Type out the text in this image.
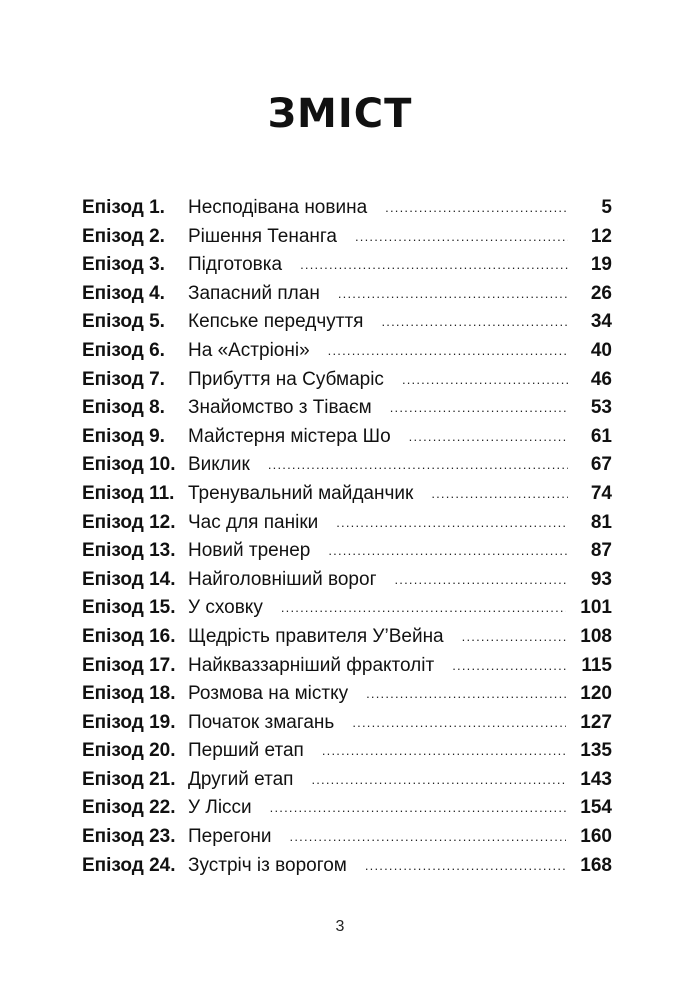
ЗМІСТ
Епізод 1.	Несподівана новина .....	5
Епізод 2.	Рішення Тенанга .....	12
Епізод 3.	Підготовка .....	19
Епізод 4.	Запасний план .....	26
Епізод 5.	Кепське передчуття .....	34
Епізод 6.	На «Астріоні» .....	40
Епізод 7.	Прибуття на Субмаріс .....	46
Епізод 8.	Знайомство з Тіваєм .....	53
Епізод 9.	Майстерня містера Шо .....	61
Епізод 10. Виклик .....	67
Епізод 11. Тренувальний майданчик .....	74
Епізод 12. Час для паніки .....	81
Епізод 13. Новий тренер .....	87
Епізод 14. Найголовніший ворог .....	93
Епізод 15. У сховку .....	101
Епізод 16. Щедрість правителя У’Вейна .....	108
Епізод 17. Найкваззарніший фрактоліт .....	115
Епізод 18. Розмова на містку .....	120
Епізод 19. Початок змагань .....	127
Епізод 20. Перший етап .....	135
Епізод 21. Другий етап .....	143
Епізод 22. У Лісси .....	154
Епізод 23. Перегони .....	160
Епізод 24. Зустріч із ворогом .....	168
3
